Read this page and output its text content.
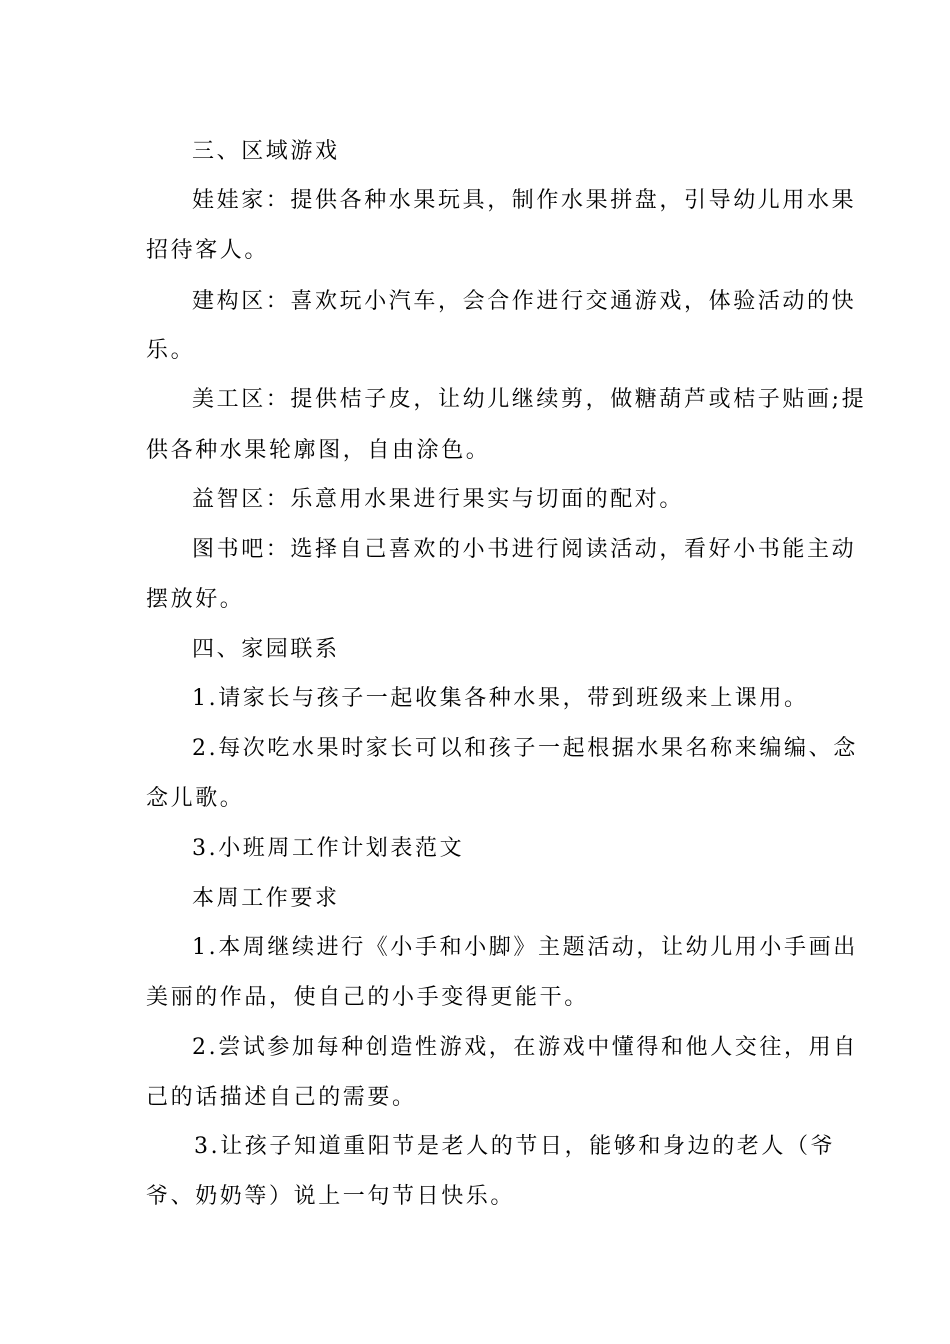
三、区域游戏
娃娃家：提供各种水果玩具，制作水果拼盘，引导幼儿用水果
招待客人。
建构区：喜欢玩小汽车，会合作进行交通游戏，体验活动的快
乐。
美工区：提供桔子皮，让幼儿继续剪，做糖葫芦或桔子贴画;提
供各种水果轮廓图，自由涂色。
益智区：乐意用水果进行果实与切面的配对。
图书吧：选择自己喜欢的小书进行阅读活动，看好小书能主动
摆放好。
四、家园联系
1.请家长与孩子一起收集各种水果，带到班级来上课用。
2.每次吃水果时家长可以和孩子一起根据水果名称来编编、念
念儿歌。
3.小班周工作计划表范文
本周工作要求
1.本周继续进行《小手和小脚》主题活动，让幼儿用小手画出
美丽的作品，使自己的小手变得更能干。
2.尝试参加每种创造性游戏，在游戏中懂得和他人交往，用自
己的话描述自己的需要。
3.让孩子知道重阳节是老人的节日，能够和身边的老人（爷
爷、奶奶等）说上一句节日快乐。
